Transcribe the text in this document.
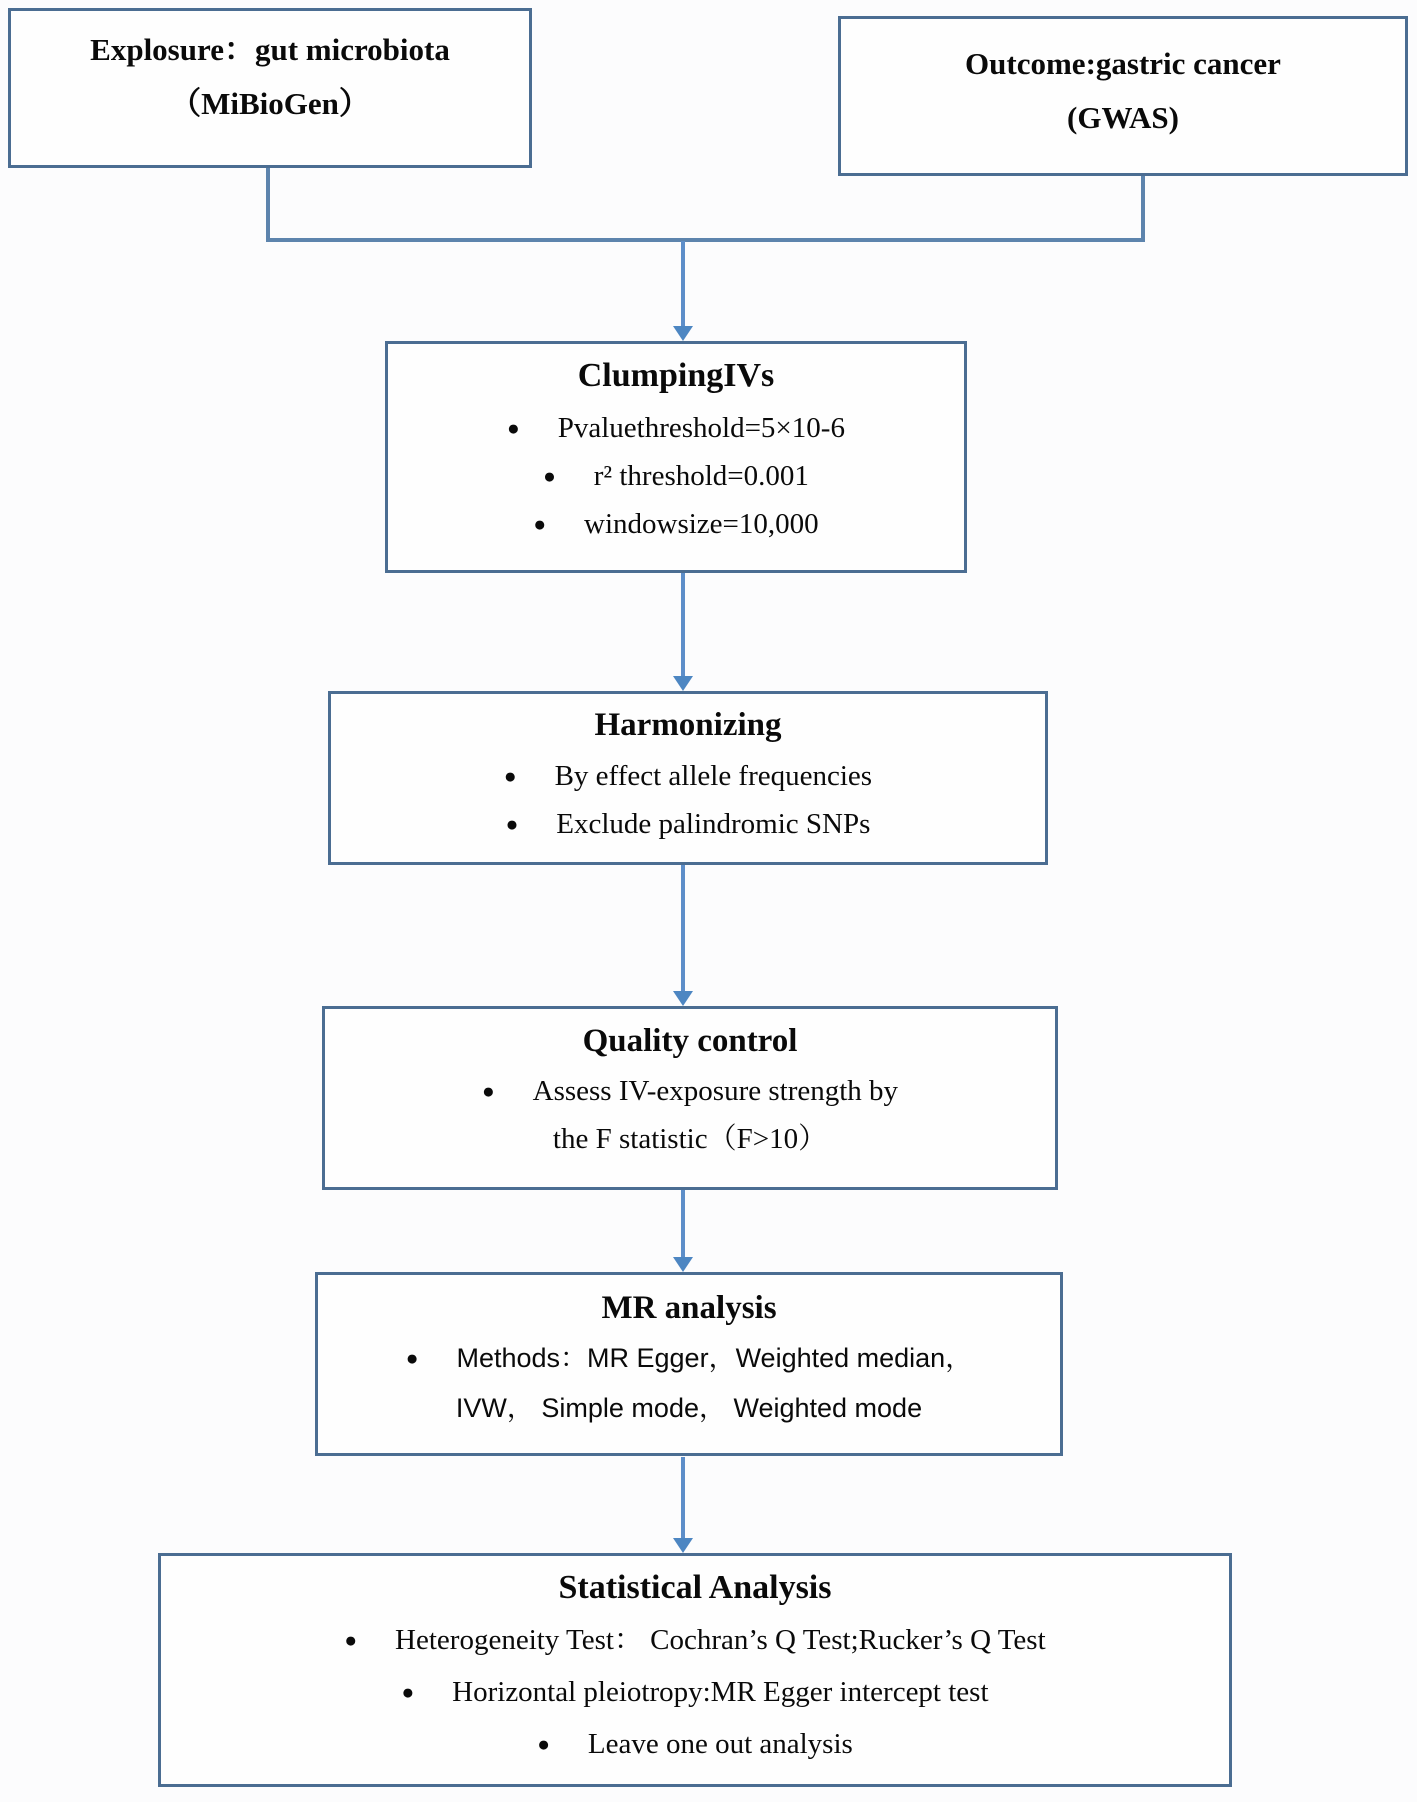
Explosure：gut microbiota
（MiBioGen）
Outcome:gastric cancer
(GWAS)
ClumpingIVs
● Pvaluethreshold=5×10-6
● r² threshold=0.001
● windowsize=10,000
Harmonizing
● By effect allele frequencies
● Exclude palindromic SNPs
Quality control
● Assess IV-exposure strength by
the F statistic（F>10）
MR analysis
● Methods：MR Egger，Weighted median，
IVW， Simple mode， Weighted mode
Statistical Analysis
● Heterogeneity Test： Cochran’s Q Test;Rucker’s Q Test
● Horizontal pleiotropy:MR Egger intercept test
● Leave one out analysis
